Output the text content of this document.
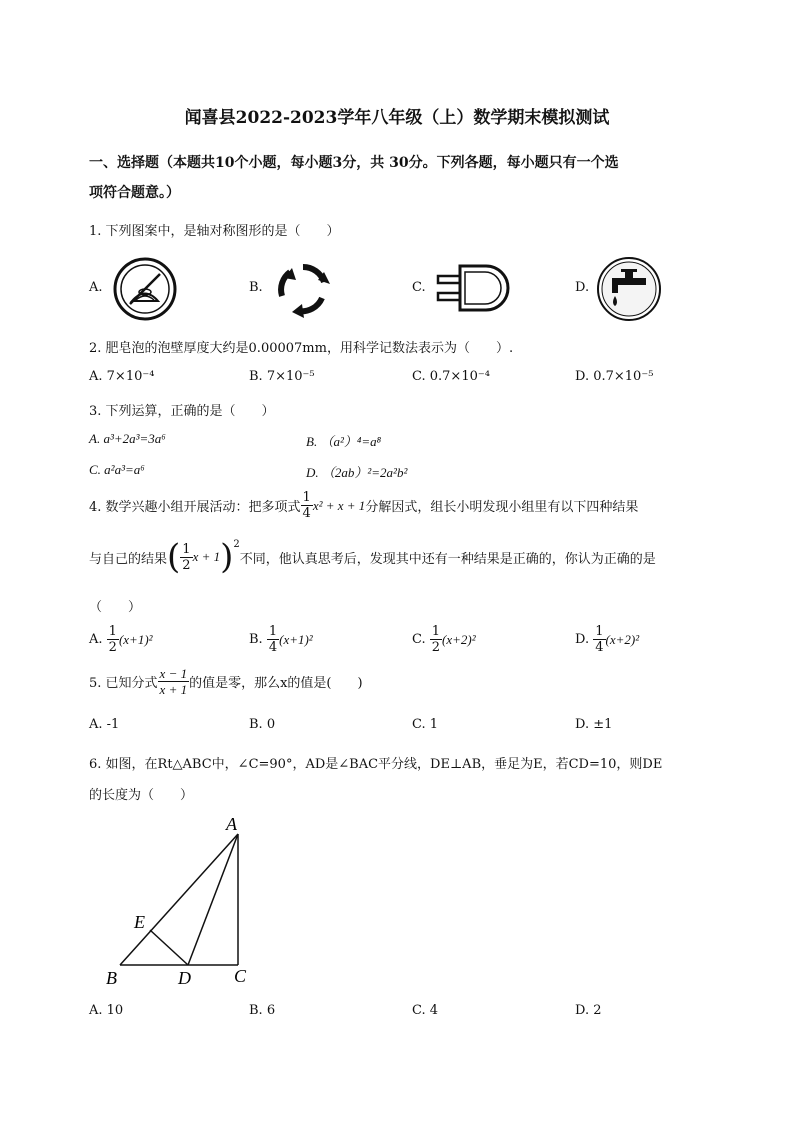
闻喜县2022-2023学年八年级（上）数学期末模拟测试
一、选择题（本题共10个小题，每小题3分，共 30分。下列各题，每小题只有一个选
项符合题意。）
1. 下列图案中，是轴对称图形的是（　　）
A.	B.	C.	D.
2. 肥皂泡的泡壁厚度大约是0.00007mm，用科学记数法表示为（　　）.
A. 7×10⁻⁴	B. 7×10⁻⁵	C. 0.7×10⁻⁴	D. 0.7×10⁻⁵
3. 下列运算，正确的是（　　）
A. a³+2a³=3a⁶	B. （a²）⁴=a⁸
C. a²a³=a⁶	D. （2ab）²=2a²b²
4. 数学兴趣小组开展活动：把多项式 $\frac{1}{4} x^2 + x + 1$ 分解因式，组长小明发现小组里有以下四种结果
与自己的结果 ( $\frac{1}{2}$ x + 1 )$^2$
不同，他认真思考后，发现其中还有一种结果是正确的，你认为正确的是
（　　）
A.
$\frac{1}{2} (x+1)^2$	B.
$\frac{1}{4} (x+1)^2$	C.
$\frac{1}{2} (x+2)^2$	D.
$\frac{1}{4} (x+2)^2$
5. 已知分式 $\frac{x - 1}{x + 1}$ 的值是零，那么x的值是(　　)
A. -1	B. 0	C. 1	D. ±1
6. 如图，在Rt△ABC中，∠C=90°，AD是∠BAC平分线，DE⊥AB，垂足为E，若CD=10，则DE
的长度为（　　）
A
B	C
D
E
A. 10	B. 6	C. 4	D. 2
